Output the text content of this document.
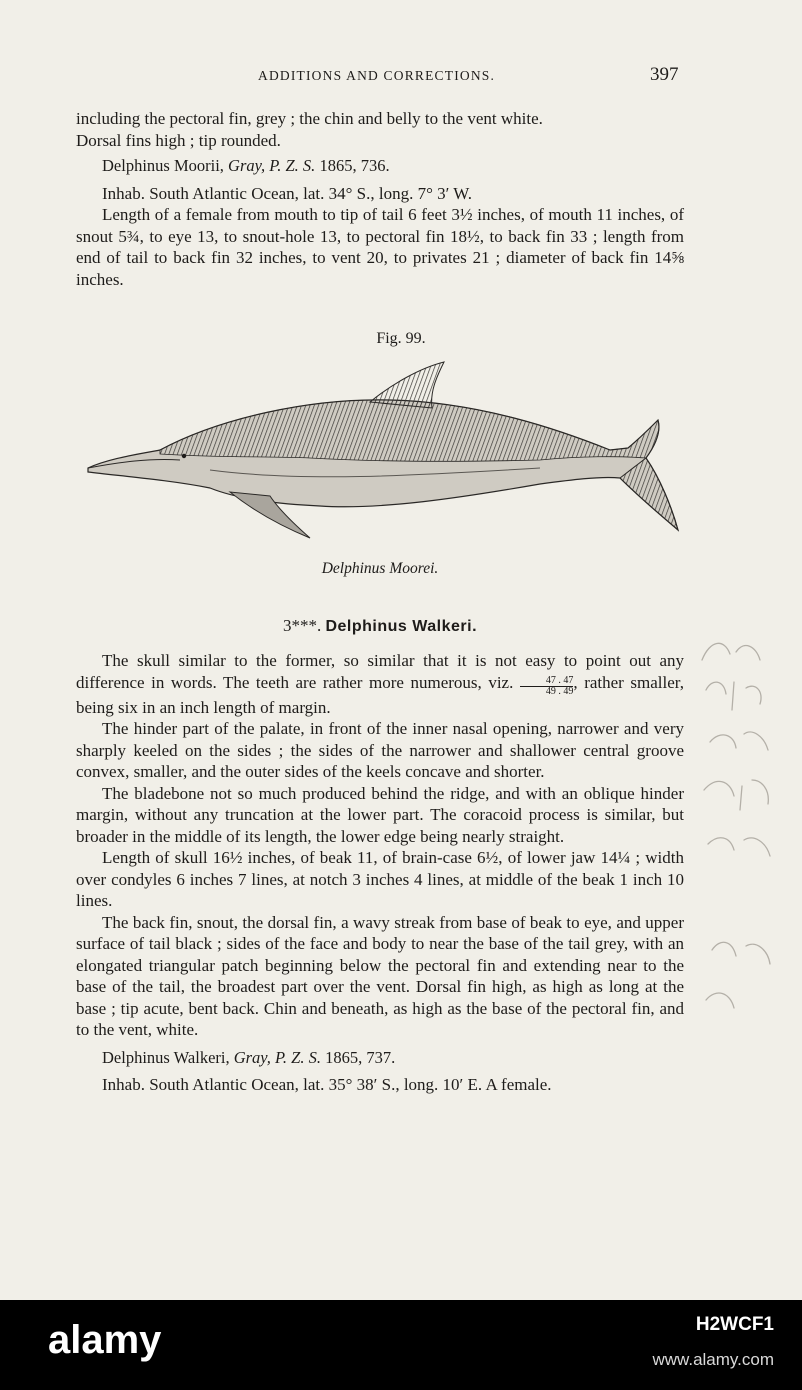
ADDITIONS AND CORRECTIONS.	397

including the pectoral fin, grey ; the chin and belly to the vent white.

Dorsal fins high ; tip rounded.

Delphinus Moorii, Gray, P. Z. S. 1865, 736.

Inhab. South Atlantic Ocean, lat. 34° S., long. 7° 3′ W.

Length of a female from mouth to tip of tail 6 feet 3½ inches, of mouth 11 inches, of snout 5¾, to eye 13, to snout-hole 13, to pectoral fin 18½, to back fin 33 ; length from end of tail to back fin 32 inches, to vent 20, to privates 21 ; diameter of back fin 14⅝ inches.

Fig. 99.
Delphinus Moorei.
3***. Delphinus Walkeri.

The skull similar to the former, so similar that it is not easy to point out any difference in words. The teeth are rather more numerous, viz. $\frac{47 . 47}{49 . 49}$ , rather smaller, being six in an inch length of margin.

The hinder part of the palate, in front of the inner nasal opening, narrower and very sharply keeled on the sides ; the sides of the narrower and shallower central groove convex, smaller, and the outer sides of the keels concave and shorter.

The bladebone not so much produced behind the ridge, and with an oblique hinder margin, without any truncation at the lower part. The coracoid process is similar, but broader in the middle of its length, the lower edge being nearly straight.

Length of skull 16½ inches, of beak 11, of brain-case 6½, of lower jaw 14¼ ; width over condyles 6 inches 7 lines, at notch 3 inches 4 lines, at middle of the beak 1 inch 10 lines.

The back fin, snout, the dorsal fin, a wavy streak from base of beak to eye, and upper surface of tail black ; sides of the face and body to near the base of the tail grey, with an elongated triangular patch beginning below the pectoral fin and extending near to the base of the tail, the broadest part over the vent. Dorsal fin high, as high as long at the base ; tip acute, bent back. Chin and beneath, as high as the base of the pectoral fin, and to the vent, white.

Delphinus Walkeri, Gray, P. Z. S. 1865, 737.

Inhab. South Atlantic Ocean, lat. 35° 38′ S., long. 10′ E. A female.

alamy	H2WCF1
www.alamy.com
